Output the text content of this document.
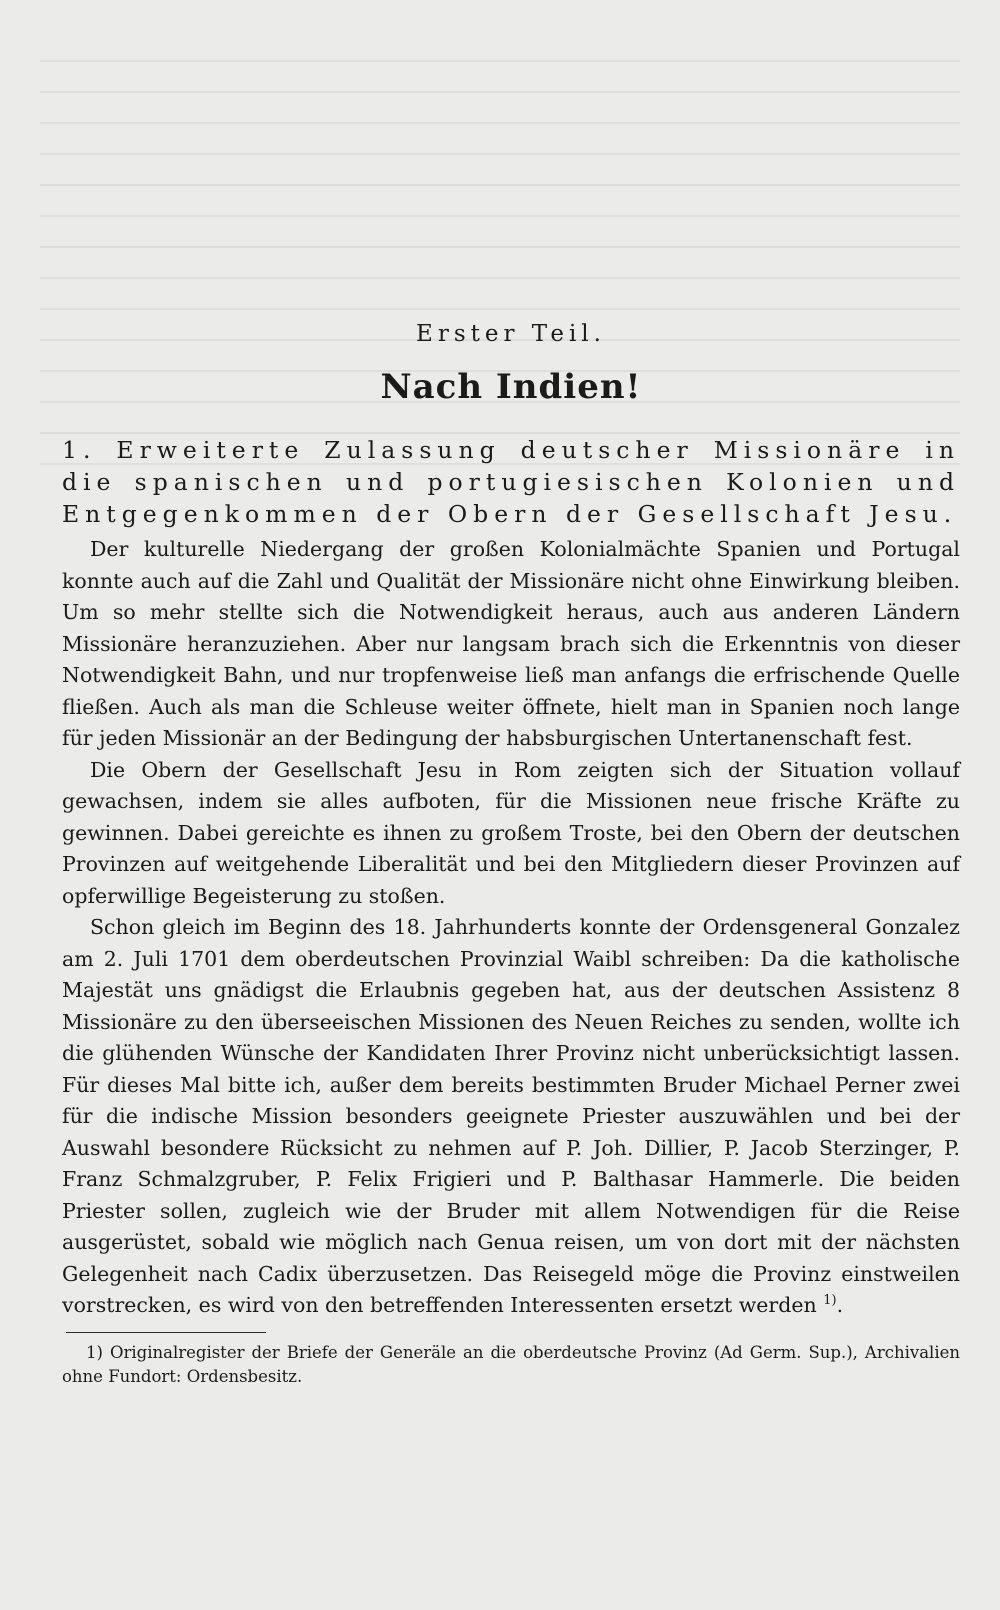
Erster Teil.
Nach Indien!
1. Erweiterte Zulassung deutscher Missionäre in die spanischen und portugiesischen Kolonien und Entgegenkommen der Obern der Gesellschaft Jesu.

Der kulturelle Niedergang der großen Kolonialmächte Spanien und Portugal konnte auch auf die Zahl und Qualität der Missionäre nicht ohne Einwirkung bleiben. Um so mehr stellte sich die Notwendigkeit heraus, auch aus anderen Ländern Missionäre heranzuziehen. Aber nur langsam brach sich die Erkenntnis von dieser Notwendigkeit Bahn, und nur tropfenweise ließ man anfangs die erfrischende Quelle fließen. Auch als man die Schleuse weiter öffnete, hielt man in Spanien noch lange für jeden Missionär an der Bedingung der habsburgischen Untertanenschaft fest.

Die Obern der Gesellschaft Jesu in Rom zeigten sich der Situation vollauf gewachsen, indem sie alles aufboten, für die Missionen neue frische Kräfte zu gewinnen. Dabei gereichte es ihnen zu großem Troste, bei den Obern der deutschen Provinzen auf weitgehende Liberalität und bei den Mitgliedern dieser Provinzen auf opferwillige Begeisterung zu stoßen.

Schon gleich im Beginn des 18. Jahrhunderts konnte der Ordensgeneral Gonzalez am 2. Juli 1701 dem oberdeutschen Provinzial Waibl schreiben: Da die katholische Majestät uns gnädigst die Erlaubnis gegeben hat, aus der deutschen Assistenz 8 Missionäre zu den überseeischen Missionen des Neuen Reiches zu senden, wollte ich die glühenden Wünsche der Kandidaten Ihrer Provinz nicht unberücksichtigt lassen. Für dieses Mal bitte ich, außer dem bereits bestimmten Bruder Michael Perner zwei für die indische Mission besonders geeignete Priester auszuwählen und bei der Auswahl besondere Rücksicht zu nehmen auf P. Joh. Dillier, P. Jacob Sterzinger, P. Franz Schmalzgruber, P. Felix Frigieri und P. Balthasar Hammerle. Die beiden Priester sollen, zugleich wie der Bruder mit allem Notwendigen für die Reise ausgerüstet, sobald wie möglich nach Genua reisen, um von dort mit der nächsten Gelegenheit nach Cadix überzusetzen. Das Reisegeld möge die Provinz einstweilen vorstrecken, es wird von den betreffenden Interessenten ersetzt werden $^{1)}$.

1) Originalregister der Briefe der Generäle an die oberdeutsche Provinz (Ad Germ. Sup.), Archivalien ohne Fundort: Ordensbesitz.
